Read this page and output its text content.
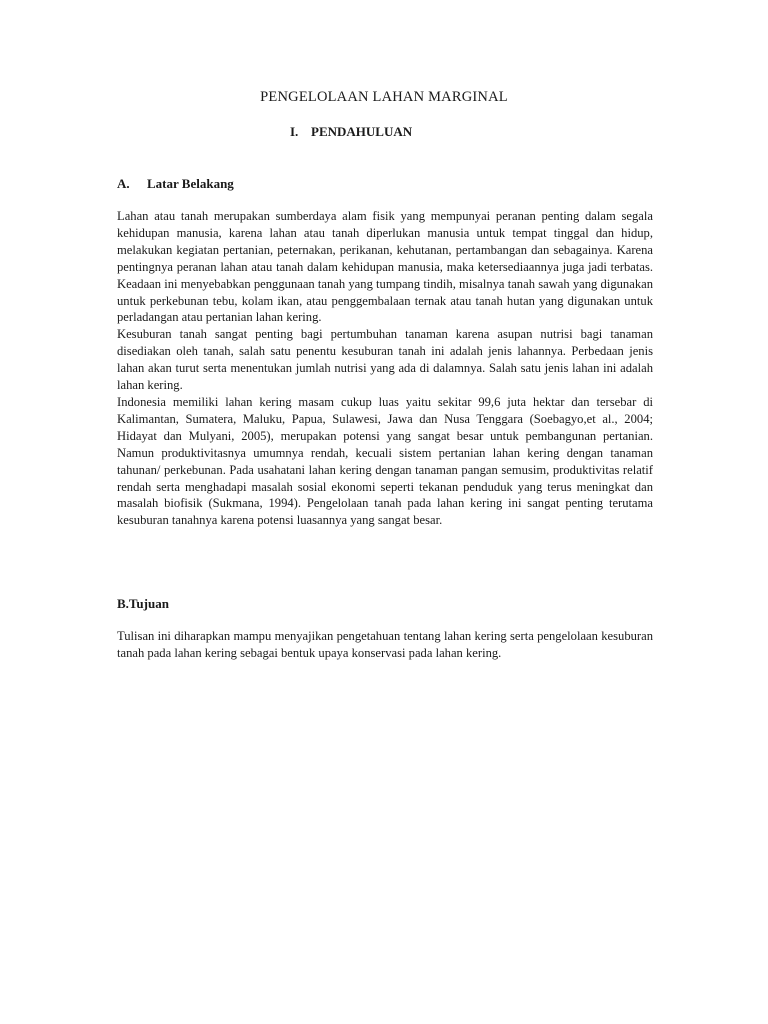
PENGELOLAAN LAHAN MARGINAL
I. PENDAHULUAN
A. Latar Belakang

Lahan atau tanah merupakan sumberdaya alam fisik yang mempunyai peranan penting dalam segala kehidupan manusia, karena lahan atau tanah diperlukan manusia untuk tempat tinggal dan hidup, melakukan kegiatan pertanian, peternakan, perikanan, kehutanan, pertambangan dan sebagainya. Karena pentingnya peranan lahan atau tanah dalam kehidupan manusia, maka ketersediaannya juga jadi terbatas. Keadaan ini menyebabkan penggunaan tanah yang tumpang tindih, misalnya tanah sawah yang digunakan untuk perkebunan tebu, kolam ikan, atau penggembalaan ternak atau tanah hutan yang digunakan untuk perladangan atau pertanian lahan kering.

Kesuburan tanah sangat penting bagi pertumbuhan tanaman karena asupan nutrisi bagi tanaman disediakan oleh tanah, salah satu penentu kesuburan tanah ini adalah jenis lahannya. Perbedaan jenis lahan akan turut serta menentukan jumlah nutrisi yang ada di dalamnya. Salah satu jenis lahan ini adalah lahan kering.

Indonesia memiliki lahan kering masam cukup luas yaitu sekitar 99,6 juta hektar dan tersebar di Kalimantan, Sumatera, Maluku, Papua, Sulawesi, Jawa dan Nusa Tenggara (Soebagyo,et al., 2004; Hidayat dan Mulyani, 2005), merupakan potensi yang sangat besar untuk pembangunan pertanian. Namun produktivitasnya umumnya rendah, kecuali sistem pertanian lahan kering dengan tanaman tahunan/ perkebunan. Pada usahatani lahan kering dengan tanaman pangan semusim, produktivitas relatif rendah serta menghadapi masalah sosial ekonomi seperti tekanan penduduk yang terus meningkat dan masalah biofisik (Sukmana, 1994). Pengelolaan tanah pada lahan kering ini sangat penting terutama kesuburan tanahnya karena potensi luasannya yang sangat besar.

B.Tujuan

Tulisan ini diharapkan mampu menyajikan pengetahuan tentang lahan kering serta pengelolaan kesuburan tanah pada lahan kering sebagai bentuk upaya konservasi pada lahan kering.
